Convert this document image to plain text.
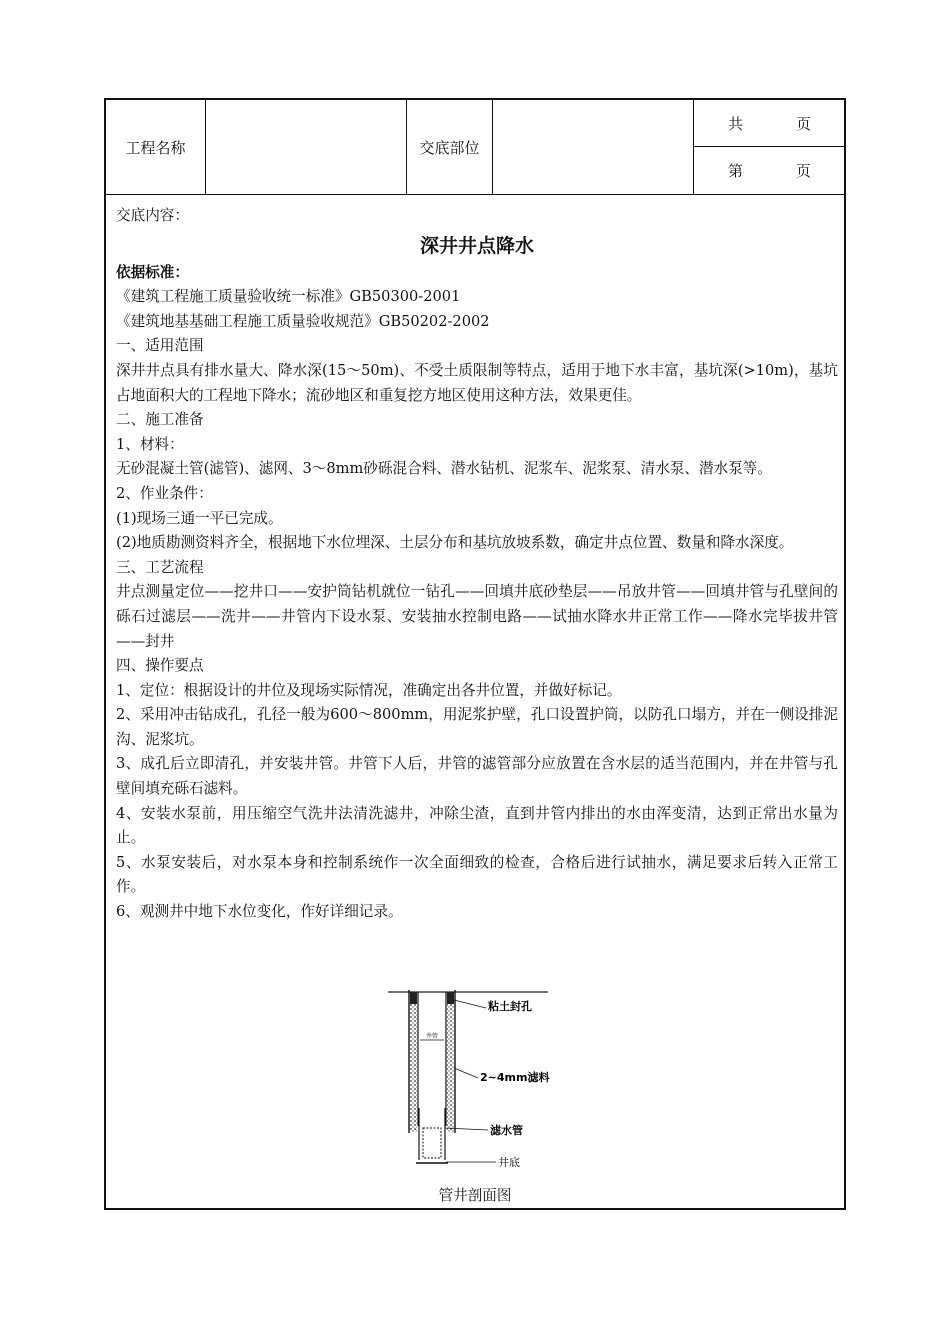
工程名称	交底部位
共	页
第	页

交底内容：

深井井点降水

依据标准：

《建筑工程施工质量验收统一标准》GB50300-2001

《建筑地基基础工程施工质量验收规范》GB50202-2002

一、适用范围

深井井点具有排水量大、降水深(15～50m)、不受土质限制等特点，适用于地下水丰富，基坑深(>10m)，基坑占地面积大的工程地下降水；流砂地区和重复挖方地区使用这种方法，效果更佳。

二、施工准备

1、材料：

无砂混凝土管(滤管)、滤网、3～8mm砂砾混合料、潜水钻机、泥浆车、泥浆泵、清水泵、潜水泵等。

2、作业条件：

(1)现场三通一平已完成。

(2)地质勘测资料齐全，根据地下水位埋深、土层分布和基坑放坡系数，确定井点位置、数量和降水深度。

三、工艺流程

井点测量定位——挖井口——安护筒钻机就位一钻孔——回填井底砂垫层——吊放井管——回填井管与孔壁间的砾石过滤层——洗井——井管内下设水泵、安装抽水控制电路——试抽水降水井正常工作——降水完毕拔井管——封井

四、操作要点

1、定位：根据设计的井位及现场实际情况，准确定出各井位置，并做好标记。

2、采用冲击钻成孔，孔径一般为600～800mm，用泥浆护壁，孔口设置护筒，以防孔口塌方，并在一侧设排泥沟、泥浆坑。

3、成孔后立即清孔，并安装井管。井管下人后，井管的滤管部分应放置在含水层的适当范围内，并在井管与孔壁间填充砾石滤料。

4、安装水泵前，用压缩空气洗井法清洗滤井，冲除尘渣，直到井管内排出的水由浑变清，达到正常出水量为止。

5、水泵安装后，对水泵本身和控制系统作一次全面细致的检查，合格后进行试抽水，满足要求后转入正常工作。

6、观测井中地下水位变化，作好详细记录。

井管
粘土封孔
2~4mm滤料
滤水管
井底
管井剖面图
